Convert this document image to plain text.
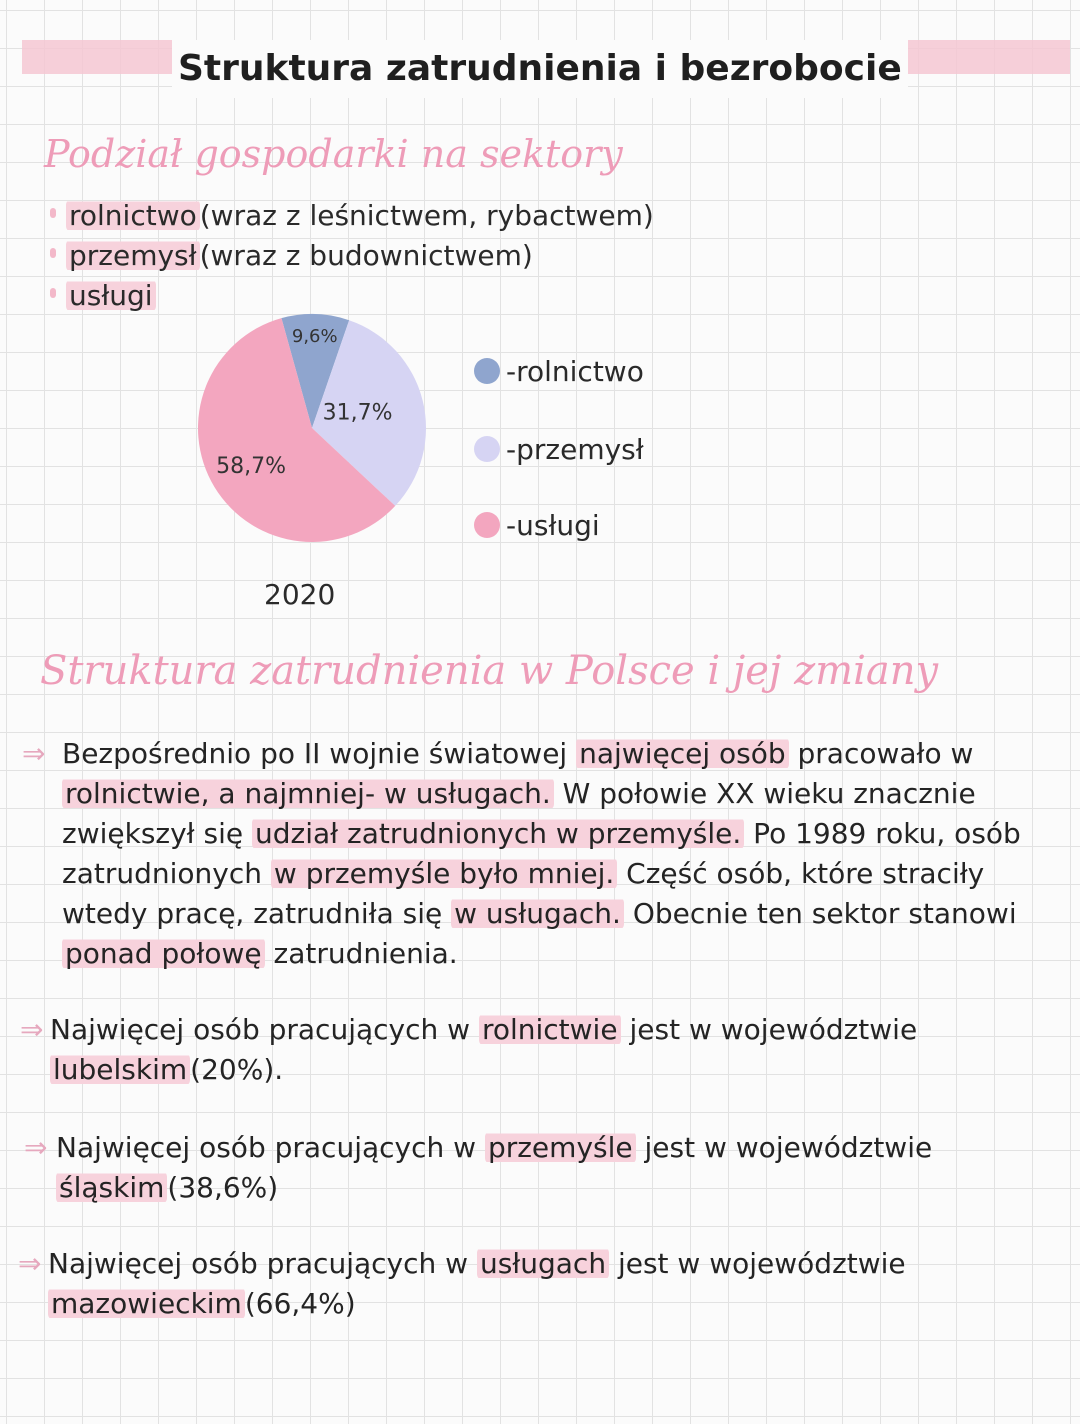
Struktura zatrudnienia i bezrobocie
Podział gospodarki na sektory
rolnictwo (wraz z leśnictwem, rybactwem)
przemysł (wraz z budownictwem)
usługi
9,6%
31,7%
58,7%
-rolnictwo
-przemysł
-usługi
2020
Struktura zatrudnienia w Polsce i jej zmiany
Bezpośrednio po II wojnie światowej najwięcej osób pracowało w
rolnictwie, a najmniej- w usługach. W połowie XX wieku znacznie
zwiększył się udział zatrudnionych w przemyśle. Po 1989 roku, osób
zatrudnionych w przemyśle było mniej. Część osób, które straciły
wtedy pracę, zatrudniła się w usługach. Obecnie ten sektor stanowi
ponad połowę zatrudnienia.
⇒
Najwięcej osób pracujących w rolnictwie jest w województwie
lubelskim (20%).
⇒
Najwięcej osób pracujących w przemyśle jest w województwie
śląskim (38,6%)
⇒
Najwięcej osób pracujących w usługach jest w województwie
mazowieckim (66,4%)
⇒
